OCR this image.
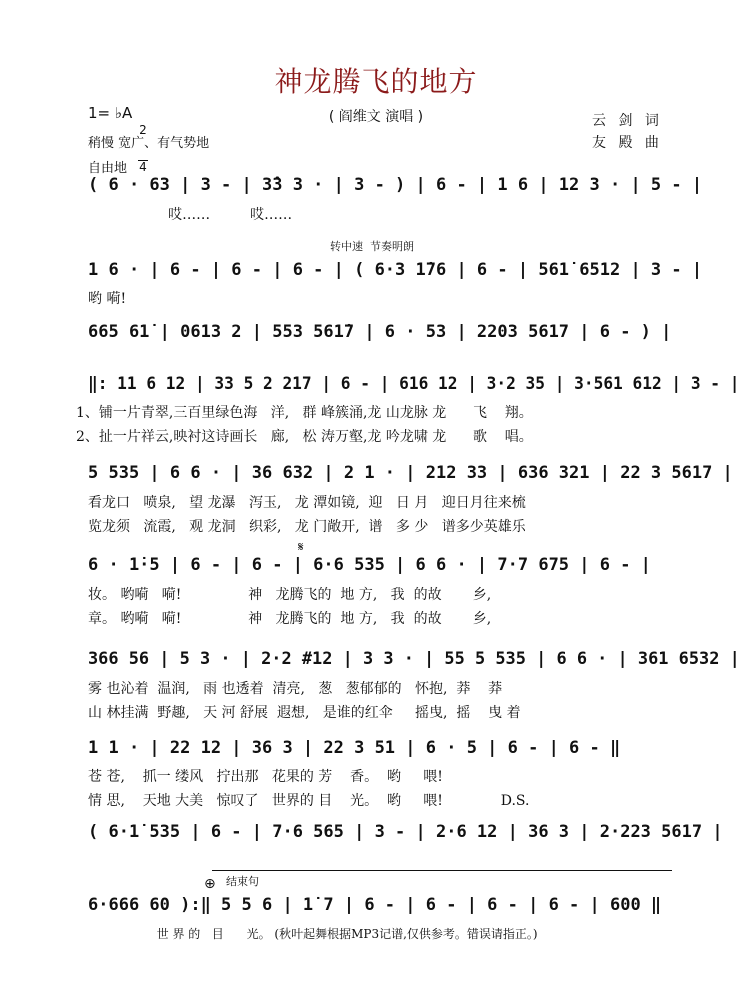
神龙腾飞的地方
( 阎维文 演唱 )
1= ♭A

2

4

稍慢 宽广、有气势地
云 剑 词
友 殿 曲
自由地
转中速  节奏明朗
𝄋
结束句
⊕
( 6 · 63 | 3 - | 3̂3 3 · | 3 - ) | 6 - | 1 6 | 12 3 · | 5 - |
哎……         哎……
1 6 · | 6 - | 6 - | 6 - | ( 6·3 1̇76 | 6 - | 561̇ 6512 | 3 - |
哟 嗬!
665 61̇ | 0613 2 | 553 561̇7 | 6 · 53 | 2203 5617 | 6 - ) |
‖: 11 6 12 | 33 5 2 217 | 6 - | 616 12 | 3·2 35 | 3·561 612 | 3 - |
1、铺一片青翠,三百里绿色海   洋,   群 峰簇涌,龙 山龙脉 龙      飞    翔。
2、扯一片祥云,映衬这诗画长   廊,   松 涛万壑,龙 吟龙啸 龙      歌    唱。
5 535 | 6 6 · | 36 632 | 2 1 · | 212 33 | 636 321 | 22 3 5617 |
看龙口   喷泉,   望 龙瀑   泻玉,   龙 潭如镜,  迎   日 月   迎日月往来梳
览龙须   流霞,   观 龙洞   织彩,   龙 门敞开,  谱   多 少   谱多少英雄乐
6 · 1̇·5 | 6 - | 6 - | 6·6 535 | 6 6 · | 7·7 675 | 6 - |
妆。 哟嗬   嗬!               神   龙腾飞的  地 方,   我  的故       乡,
章。 哟嗬   嗬!               神   龙腾飞的  地 方,   我  的故       乡,
366 56 | 5 3 · | 2·2 #12 | 3 3 · | 55 5 535 | 6 6 · | 361 6532 |
雾 也沁着  温润,   雨 也透着  清亮,   葱   葱郁郁的   怀抱,  莽    莽
山 林挂满  野趣,   天 河 舒展  遐想,   是谁的红伞     摇曳,  摇    曳 着
1 1 · | 22 12 | 36 3 | 22 3 51 | 6 · 5 | 6 - | 6 - ‖
苍 苍,    抓一 缕风   拧出那   花果的 芳    香。  哟     喂!
情 思,    天地 大美   惊叹了   世界的 目    光。  哟     喂!             D.S.
( 6·1̇ 535 | 6 - | 7·6 565 | 3 - | 2·6 12 | 36 3 | 2·223 5617 |
6·666 60 ):‖ 5 5 6 | 1̇ 7 | 6 - | 6 - | 6 - | 6 - | 600 ‖
世 界 的   目      光。 (秋叶起舞根据MP3记谱,仅供参考。错误请指正。)
